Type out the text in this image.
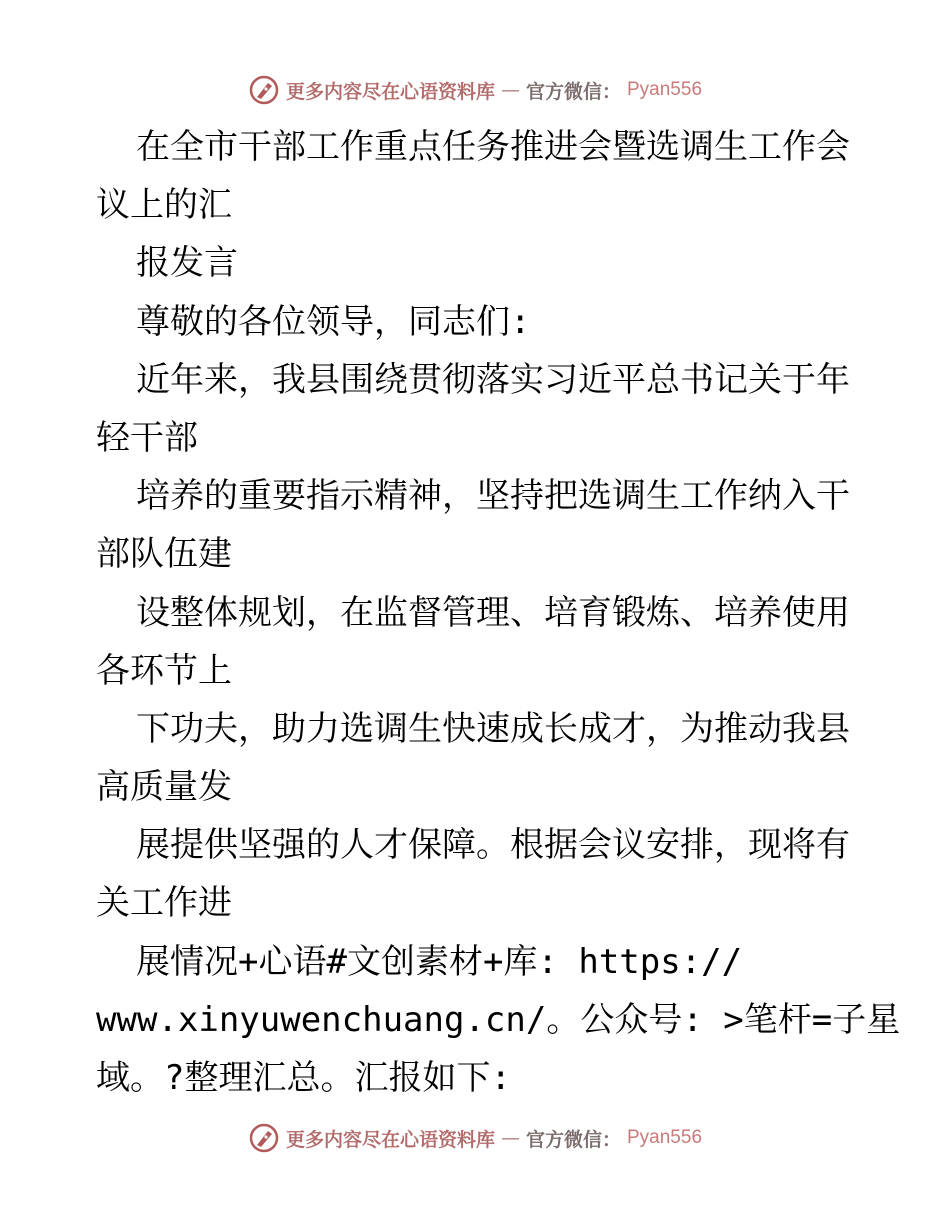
更多内容尽在心语资料库 — 官方微信： Pyan556
在全市干部工作重点任务推进会暨选调生工作会
议上的汇
报发言
尊敬的各位领导，同志们:
近年来，我县围绕贯彻落实习近平总书记关于年
轻干部
培养的重要指示精神，坚持把选调生工作纳入干
部队伍建
设整体规划，在监督管理、培育锻炼、培养使用
各环节上
下功夫，助力选调生快速成长成才，为推动我县
高质量发
展提供坚强的人才保障。根据会议安排，现将有
关工作进
展情况+心语#文创素材+库: https://
www.xinyuwenchuang.cn/。公众号: >笔杆=子星
域。?整理汇总。汇报如下:
更多内容尽在心语资料库 — 官方微信： Pyan556
